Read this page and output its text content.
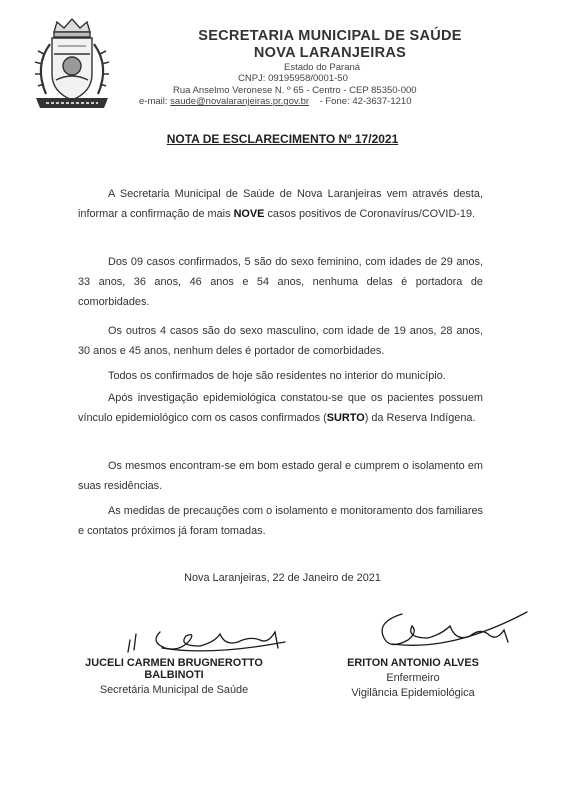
SECRETARIA MUNICIPAL DE SAÚDE
NOVA LARANJEIRAS
Estado do Paraná
CNPJ: 09195958/0001-50
Rua Anselmo Veronese N. º 65 - Centro - CEP 85350-000
e-mail: saude@novalaranjeiras.pr.gov.br - Fone: 42-3637-1210
NOTA DE ESCLARECIMENTO Nº 17/2021
A Secretaria Municipal de Saúde de Nova Laranjeiras vem através desta, informar a confirmação de mais NOVE casos positivos de Coronavírus/COVID-19.
Dos 09 casos confirmados, 5 são do sexo feminino, com idades de 29 anos, 33 anos, 36 anos, 46 anos e 54 anos, nenhuma delas é portadora de comorbidades.
Os outros 4 casos são do sexo masculino, com idade de 19 anos, 28 anos, 30 anos e 45 anos, nenhum deles é portador de comorbidades.
Todos os confirmados de hoje são residentes no interior do município.
Após investigação epidemiológica constatou-se que os pacientes possuem vínculo epidemiológico com os casos confirmados (SURTO) da Reserva Indígena.
Os mesmos encontram-se em bom estado geral e cumprem o isolamento em suas residências.
As medidas de precauções com o isolamento e monitoramento dos familiares e contatos próximos já foram tomadas.
Nova Laranjeiras, 22 de Janeiro de 2021
JUCELI CARMEN BRUGNEROTTO BALBINOTI
Secretária Municipal de Saúde
ERITON ANTONIO ALVES
Enfermeiro
Vigilância Epidemiológica
